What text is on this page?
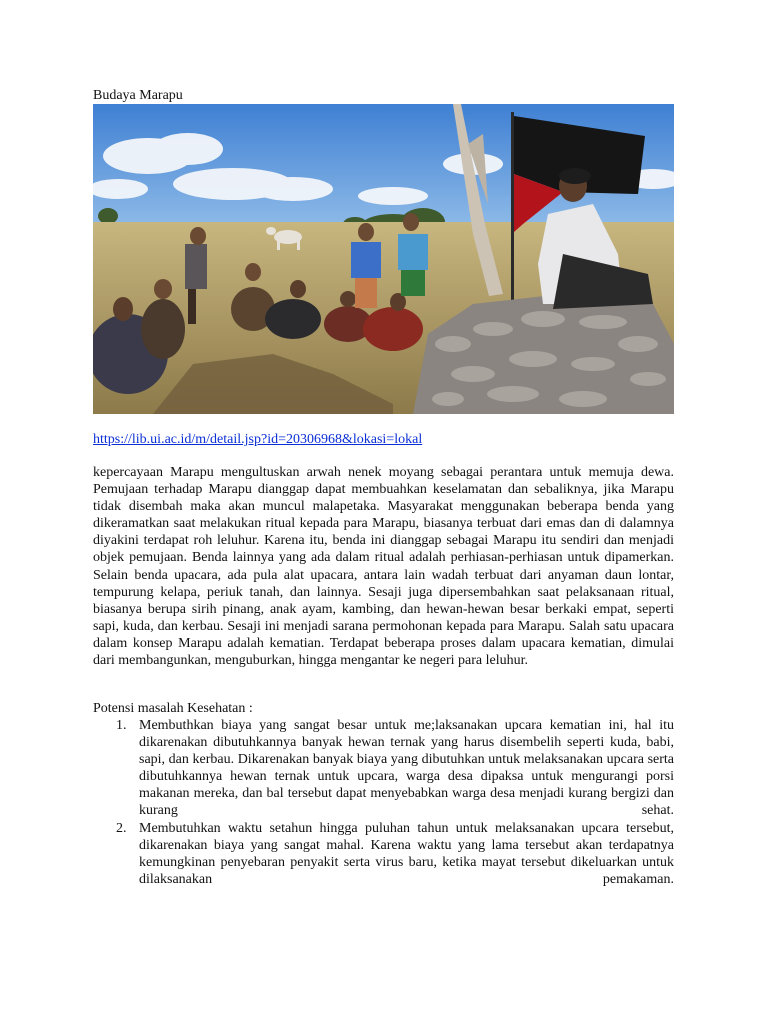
Budaya Marapu
https://lib.ui.ac.id/m/detail.jsp?id=20306968&lokasi=lokal

kepercayaan Marapu mengultuskan arwah nenek moyang sebagai perantara untuk memuja dewa. Pemujaan terhadap Marapu dianggap dapat membuahkan keselamatan dan sebaliknya, jika Marapu tidak disembah maka akan muncul malapetaka. Masyarakat menggunakan beberapa benda yang dikeramatkan saat melakukan ritual kepada para Marapu, biasanya terbuat dari emas dan di dalamnya diyakini terdapat roh leluhur. Karena itu, benda ini dianggap sebagai Marapu itu sendiri dan menjadi objek pemujaan. Benda lainnya yang ada dalam ritual adalah perhiasan-perhiasan untuk dipamerkan. Selain benda upacara, ada pula alat upacara, antara lain wadah terbuat dari anyaman daun lontar, tempurung kelapa, periuk tanah, dan lainnya. Sesaji juga dipersembahkan saat pelaksanaan ritual, biasanya berupa sirih pinang, anak ayam, kambing, dan hewan-hewan besar berkaki empat, seperti sapi, kuda, dan kerbau. Sesaji ini menjadi sarana permohonan kepada para Marapu. Salah satu upacara dalam konsep Marapu adalah kematian. Terdapat beberapa proses dalam upacara kematian, dimulai dari membangunkan, menguburkan, hingga mengantar ke negeri para leluhur.

Potensi masalah Kesehatan :

1. Membuthkan biaya yang sangat besar untuk me;laksanakan upcara kematian ini, hal itu dikarenakan dibutuhkannya banyak hewan ternak yang harus disembelih seperti kuda, babi, sapi, dan kerbau. Dikarenakan banyak biaya yang dibutuhkan untuk melaksanakan upcara serta dibutuhkannya hewan ternak untuk upcara, warga desa dipaksa untuk mengurangi porsi makanan mereka, dan bal tersebut dapat menyebabkan warga desa menjadi kurang bergizi dan kurang sehat.
2. Membutuhkan waktu setahun hingga puluhan tahun untuk melaksanakan upcara tersebut, dikarenakan biaya yang sangat mahal. Karena waktu yang lama tersebut akan terdapatnya kemungkinan penyebaran penyakit serta virus baru, ketika mayat tersebut dikeluarkan untuk dilaksanakan pemakaman.
